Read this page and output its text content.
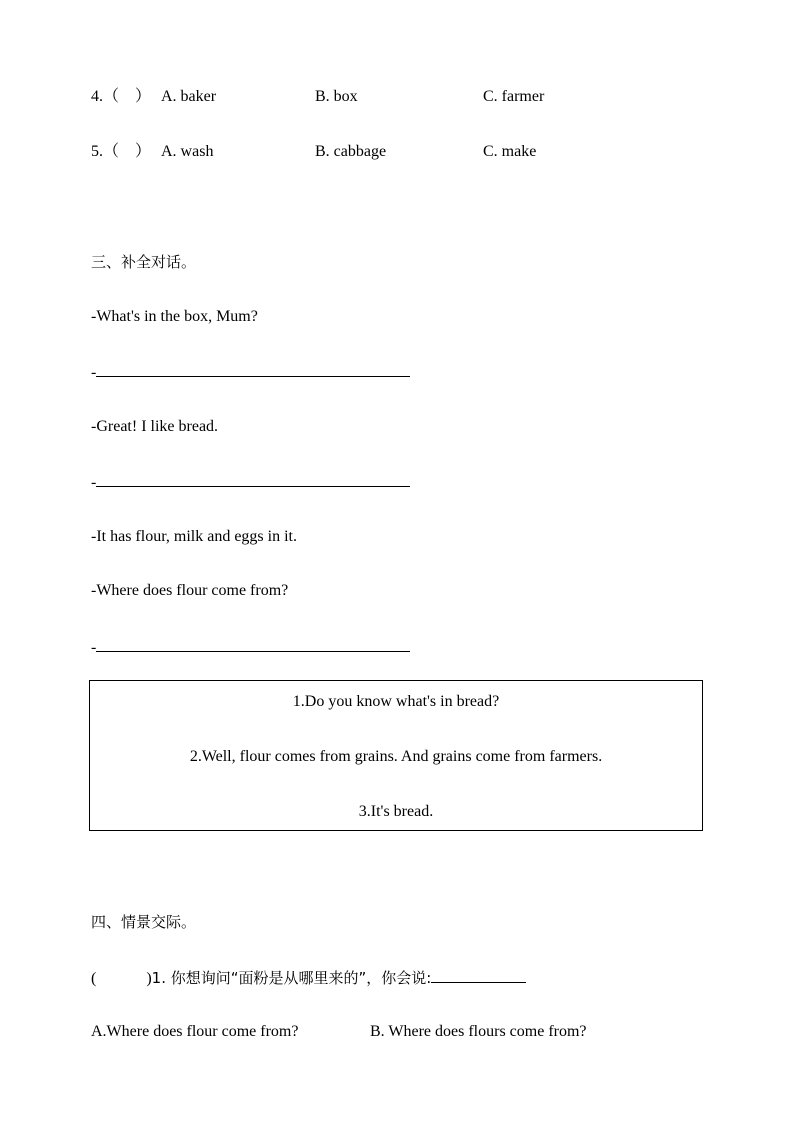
4.（　） A. baker	B. box	C. farmer
5.（　） A. wash	B. cabbage	C. make
三、补全对话。
-What's in the box, Mum?
-
-Great! I like bread.
-
-It has flour, milk and eggs in it.
-Where does flour come from?
-
1.Do you know what's in bread?
2.Well, flour comes from grains. And grains come from farmers.
3.It's bread.
四、情景交际。
(	)1. 你想询问“面粉是从哪里来的”，你会说:
A.Where does flour come from?	B. Where does flours come from?
